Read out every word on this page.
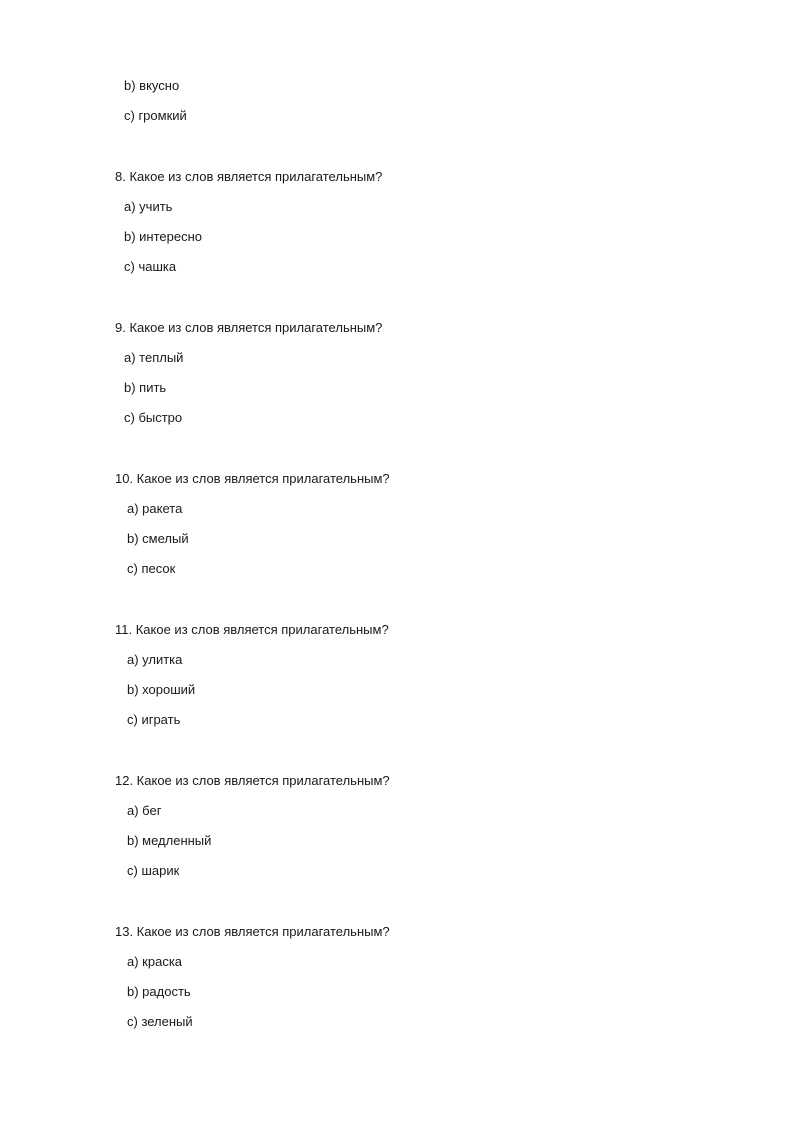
b) вкусно
c) громкий
8. Какое из слов является прилагательным?
a) учить
b) интересно
c) чашка
9. Какое из слов является прилагательным?
a) теплый
b) пить
c) быстро
10. Какое из слов является прилагательным?
a) ракета
b) смелый
c) песок
11. Какое из слов является прилагательным?
a) улитка
b) хороший
c) играть
12. Какое из слов является прилагательным?
a) бег
b) медленный
c) шарик
13. Какое из слов является прилагательным?
a) краска
b) радость
c) зеленый
